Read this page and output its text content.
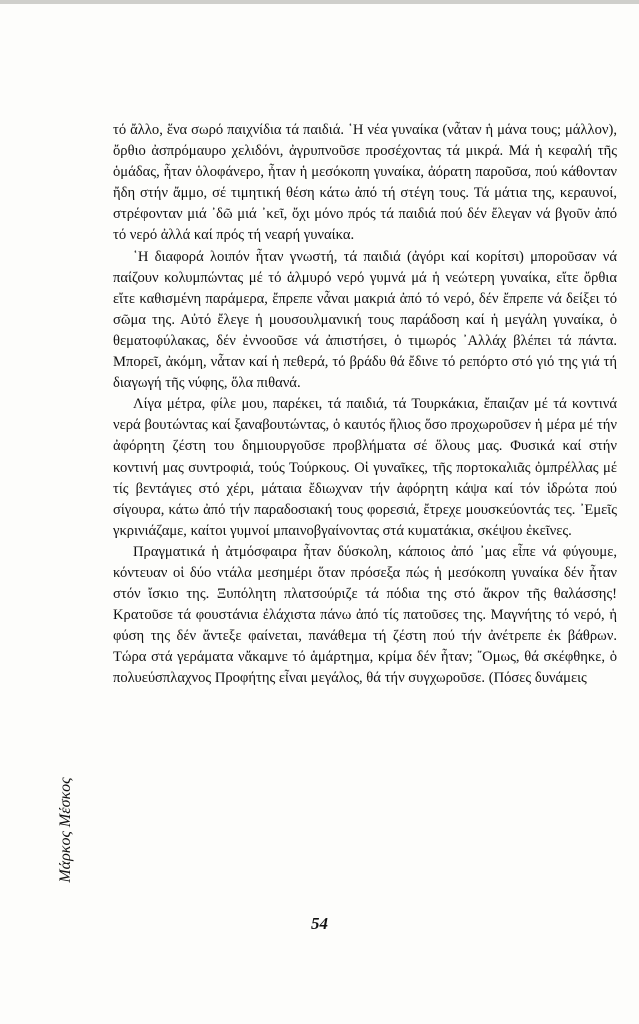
τό ἄλλο, ἕνα σωρό παιχνίδια τά παιδιά. ῾Η νέα γυναίκα (νἆταν ἡ μάνα τους; μάλλον), ὄρθιο ἀσπρόμαυρο χελιδόνι, ἀγρυπνοῦσε προσέχοντας τά μικρά. Μά ἡ κεφαλή τῆς ὁμάδας, ἦταν ὁλοφάνερο, ἦταν ἡ μεσόκοπη γυναίκα, ἀόρατη παροῦσα, πού κάθονταν ἤδη στήν ἄμμο, σέ τιμητική θέση κάτω ἀπό τή στέγη τους. Τά μάτια της, κεραυνοί, στρέφονταν μιά ᾿δῶ μιά ᾿κεῖ, ὄχι μόνο πρός τά παιδιά πού δέν ἔλεγαν νά βγοῦν ἀπό τό νερό ἀλλά καί πρός τή νεαρή γυναίκα.

῾Η διαφορά λοιπόν ἦταν γνωστή, τά παιδιά (ἀγόρι καί κορίτσι) μποροῦσαν νά παίζουν κολυμπώντας μέ τό ἁλμυρό νερό γυμνά μά ἡ νεώτερη γυναίκα, εἴτε ὄρθια εἴτε καθισμένη παράμερα, ἔπρεπε νἆναι μακριά ἀπό τό νερό, δέν ἔπρεπε νά δείξει τό σῶμα της. Αὐτό ἔλεγε ἡ μουσουλμανική τους παράδοση καί ἡ μεγάλη γυναίκα, ὁ θεματοφύλακας, δέν ἐννοοῦσε νά ἀπιστήσει, ὁ τιμωρός ᾿Αλλάχ βλέπει τά πάντα. Μπορεῖ, ἀκόμη, νἆταν καί ἡ πεθερά, τό βράδυ θά ἔδινε τό ρεπόρτο στό γιό της γιά τή διαγωγή τῆς νύφης, ὅλα πιθανά.

Λίγα μέτρα, φίλε μου, παρέκει, τά παιδιά, τά Τουρκάκια, ἔπαιζαν μέ τά κοντινά νερά βουτώντας καί ξαναβουτώντας, ὁ καυτός ἥλιος ὅσο προχωροῦσεν ἡ μέρα μέ τήν ἀφόρητη ζέστη του δημιουργοῦσε προβλήματα σέ ὅλους μας. Φυσικά καί στήν κοντινή μας συντροφιά, τούς Τούρκους. Οἱ γυναῖκες, τῆς πορτοκαλιᾶς ὀμπρέλλας μέ τίς βεντάγιες στό χέρι, μάταια ἔδιωχναν τήν ἀφόρητη κάψα καί τόν ἱδρώτα πού σίγουρα, κάτω ἀπό τήν παραδοσιακή τους φορεσιά, ἔτρεχε μουσκεύοντάς τες. ᾿Εμεῖς γκρινιάζαμε, καίτοι γυμνοί μπαινοβγαίνοντας στά κυματάκια, σκέψου ἐκεῖνες.

Πραγματικά ἡ ἀτμόσφαιρα ἦταν δύσκολη, κάποιος ἀπό ᾿μας εἶπε νά φύγουμε, κόντευαν οἱ δύο ντάλα μεσημέρι ὅταν πρόσεξα πώς ἡ μεσόκοπη γυναίκα δέν ἦταν στόν ἴσκιο της. Ξυπόλητη πλατσούριζε τά πόδια της στό ἄκρον τῆς θαλάσσης! Κρατοῦσε τά φουστάνια ἐλάχιστα πάνω ἀπό τίς πατοῦσες της. Μαγνήτης τό νερό, ἡ φύση της δέν ἄντεξε φαίνεται, πανάθεμα τή ζέστη πού τήν ἀνέτρεπε ἐκ βάθρων. Τώρα στά γεράματα νἄκαμνε τό ἁμάρτημα, κρίμα δέν ἦταν; ῎Ομως, θά σκέφθηκε, ὁ πολυεύσπλαχνος Προφήτης εἶναι μεγάλος, θά τήν συγχωροῦσε. (Πόσες δυνάμεις

Μάρκος Μέσκος
54
